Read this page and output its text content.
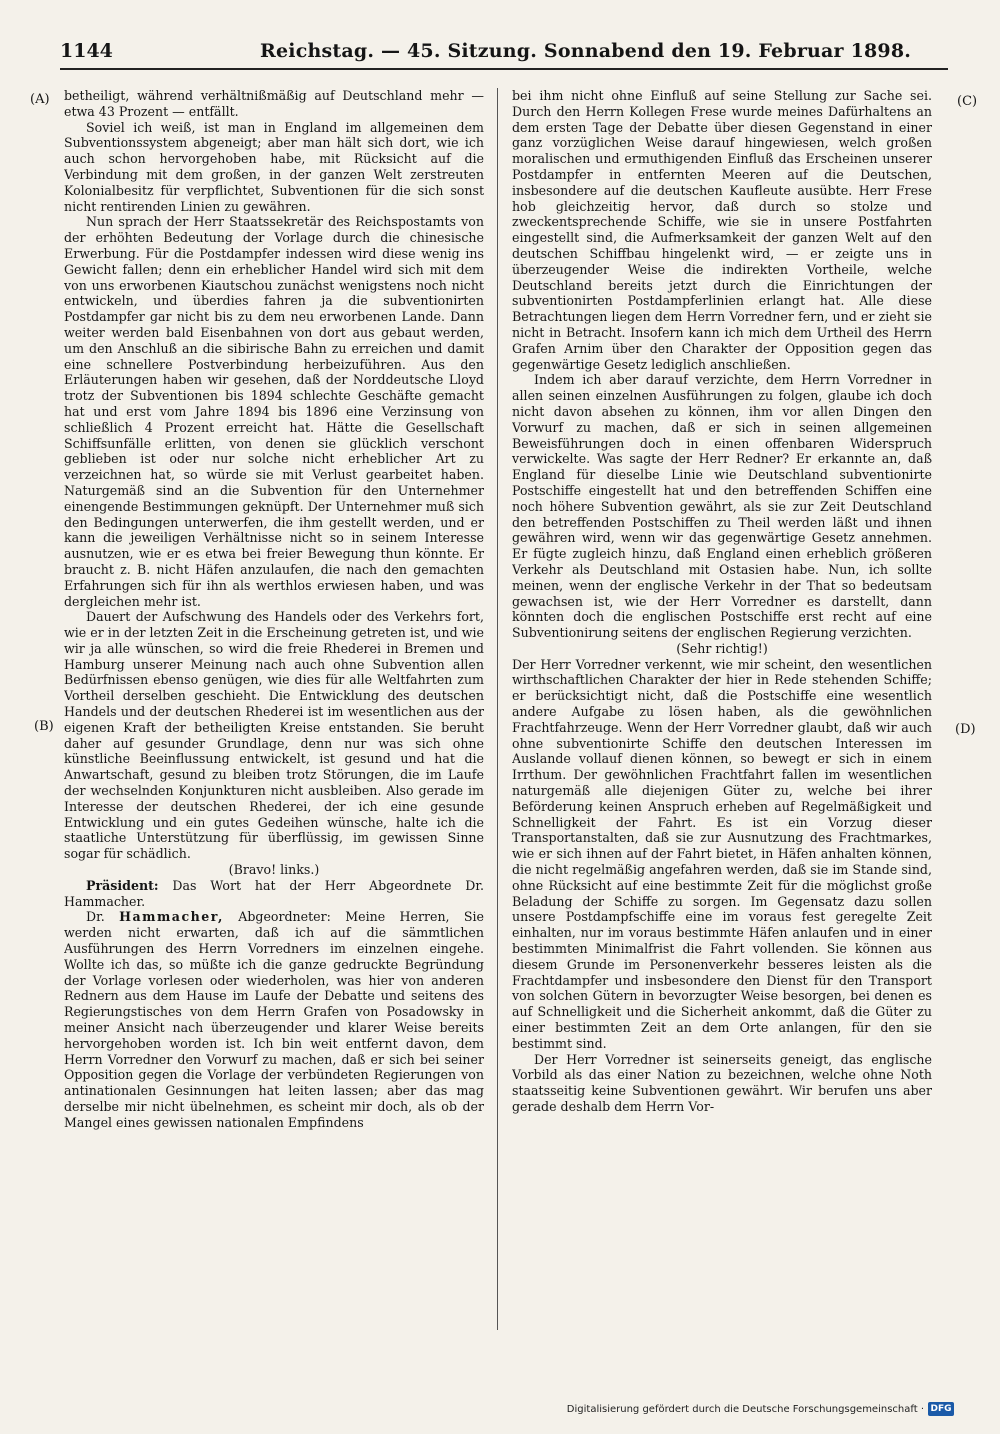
1144	Reichstag. — 45. Sitzung. Sonnabend den 19. Februar 1898.
(A)
(B)
(C)
(D)

betheiligt, während verhältnißmäßig auf Deutschland mehr — etwa 43 Prozent — entfällt.

Soviel ich weiß, ist man in England im allgemeinen dem Subventionssystem abgeneigt; aber man hält sich dort, wie ich auch schon hervorgehoben habe, mit Rücksicht auf die Verbindung mit dem großen, in der ganzen Welt zerstreuten Kolonialbesitz für verpflichtet, Subventionen für die sich sonst nicht rentirenden Linien zu gewähren.

Nun sprach der Herr Staatssekretär des Reichspostamts von der erhöhten Bedeutung der Vorlage durch die chinesische Erwerbung. Für die Postdampfer indessen wird diese wenig ins Gewicht fallen; denn ein erheblicher Handel wird sich mit dem von uns erworbenen Kiautschou zunächst wenigstens noch nicht entwickeln, und überdies fahren ja die subventionirten Postdampfer gar nicht bis zu dem neu erworbenen Lande. Dann weiter werden bald Eisenbahnen von dort aus gebaut werden, um den Anschluß an die sibirische Bahn zu erreichen und damit eine schnellere Postverbindung herbeizuführen. Aus den Erläuterungen haben wir gesehen, daß der Norddeutsche Lloyd trotz der Subventionen bis 1894 schlechte Geschäfte gemacht hat und erst vom Jahre 1894 bis 1896 eine Verzinsung von schließlich 4 Prozent erreicht hat. Hätte die Gesellschaft Schiffsunfälle erlitten, von denen sie glücklich verschont geblieben ist oder nur solche nicht erheblicher Art zu verzeichnen hat, so würde sie mit Verlust gearbeitet haben. Naturgemäß sind an die Subvention für den Unternehmer einengende Bestimmungen geknüpft. Der Unternehmer muß sich den Bedingungen unterwerfen, die ihm gestellt werden, und er kann die jeweiligen Verhältnisse nicht so in seinem Interesse ausnutzen, wie er es etwa bei freier Bewegung thun könnte. Er braucht z. B. nicht Häfen anzulaufen, die nach den gemachten Erfahrungen sich für ihn als werthlos erwiesen haben, und was dergleichen mehr ist.

Dauert der Aufschwung des Handels oder des Verkehrs fort, wie er in der letzten Zeit in die Erscheinung getreten ist, und wie wir ja alle wünschen, so wird die freie Rhederei in Bremen und Hamburg unserer Meinung nach auch ohne Subvention allen Bedürfnissen ebenso genügen, wie dies für alle Weltfahrten zum Vortheil derselben geschieht. Die Entwicklung des deutschen Handels und der deutschen Rhederei ist im wesentlichen aus der eigenen Kraft der betheiligten Kreise entstanden. Sie beruht daher auf gesunder Grundlage, denn nur was sich ohne künstliche Beeinflussung entwickelt, ist gesund und hat die Anwartschaft, gesund zu bleiben trotz Störungen, die im Laufe der wechselnden Konjunkturen nicht ausbleiben. Also gerade im Interesse der deutschen Rhederei, der ich eine gesunde Entwicklung und ein gutes Gedeihen wünsche, halte ich die staatliche Unterstützung für überflüssig, im gewissen Sinne sogar für schädlich.

(Bravo! links.)

Präsident: Das Wort hat der Herr Abgeordnete Dr. Hammacher.

Dr. Hammacher, Abgeordneter: Meine Herren, Sie werden nicht erwarten, daß ich auf die sämmtlichen Ausführungen des Herrn Vorredners im einzelnen eingehe. Wollte ich das, so müßte ich die ganze gedruckte Begründung der Vorlage vorlesen oder wiederholen, was hier von anderen Rednern aus dem Hause im Laufe der Debatte und seitens des Regierungstisches von dem Herrn Grafen von Posadowsky in meiner Ansicht nach überzeugender und klarer Weise bereits hervorgehoben worden ist. Ich bin weit entfernt davon, dem Herrn Vorredner den Vorwurf zu machen, daß er sich bei seiner Opposition gegen die Vorlage der verbündeten Regierungen von antinationalen Gesinnungen hat leiten lassen; aber das mag derselbe mir nicht übelnehmen, es scheint mir doch, als ob der Mangel eines gewissen nationalen Empfindens

bei ihm nicht ohne Einfluß auf seine Stellung zur Sache sei. Durch den Herrn Kollegen Frese wurde meines Dafürhaltens an dem ersten Tage der Debatte über diesen Gegenstand in einer ganz vorzüglichen Weise darauf hingewiesen, welch großen moralischen und ermuthigenden Einfluß das Erscheinen unserer Postdampfer in entfernten Meeren auf die Deutschen, insbesondere auf die deutschen Kaufleute ausübte. Herr Frese hob gleichzeitig hervor, daß durch so stolze und zweckentsprechende Schiffe, wie sie in unsere Postfahrten eingestellt sind, die Aufmerksamkeit der ganzen Welt auf den deutschen Schiffbau hingelenkt wird, — er zeigte uns in überzeugender Weise die indirekten Vortheile, welche Deutschland bereits jetzt durch die Einrichtungen der subventionirten Postdampferlinien erlangt hat. Alle diese Betrachtungen liegen dem Herrn Vorredner fern, und er zieht sie nicht in Betracht. Insofern kann ich mich dem Urtheil des Herrn Grafen Arnim über den Charakter der Opposition gegen das gegenwärtige Gesetz lediglich anschließen.

Indem ich aber darauf verzichte, dem Herrn Vorredner in allen seinen einzelnen Ausführungen zu folgen, glaube ich doch nicht davon absehen zu können, ihm vor allen Dingen den Vorwurf zu machen, daß er sich in seinen allgemeinen Beweisführungen doch in einen offenbaren Widerspruch verwickelte. Was sagte der Herr Redner? Er erkannte an, daß England für dieselbe Linie wie Deutschland subventionirte Postschiffe eingestellt hat und den betreffenden Schiffen eine noch höhere Subvention gewährt, als sie zur Zeit Deutschland den betreffenden Postschiffen zu Theil werden läßt und ihnen gewähren wird, wenn wir das gegenwärtige Gesetz annehmen. Er fügte zugleich hinzu, daß England einen erheblich größeren Verkehr als Deutschland mit Ostasien habe. Nun, ich sollte meinen, wenn der englische Verkehr in der That so bedeutsam gewachsen ist, wie der Herr Vorredner es darstellt, dann könnten doch die englischen Postschiffe erst recht auf eine Subventionirung seitens der englischen Regierung verzichten.

(Sehr richtig!)

Der Herr Vorredner verkennt, wie mir scheint, den wesentlichen wirthschaftlichen Charakter der hier in Rede stehenden Schiffe; er berücksichtigt nicht, daß die Postschiffe eine wesentlich andere Aufgabe zu lösen haben, als die gewöhnlichen Frachtfahrzeuge. Wenn der Herr Vorredner glaubt, daß wir auch ohne subventionirte Schiffe den deutschen Interessen im Auslande vollauf dienen können, so bewegt er sich in einem Irrthum. Der gewöhnlichen Frachtfahrt fallen im wesentlichen naturgemäß alle diejenigen Güter zu, welche bei ihrer Beförderung keinen Anspruch erheben auf Regelmäßigkeit und Schnelligkeit der Fahrt. Es ist ein Vorzug dieser Transportanstalten, daß sie zur Ausnutzung des Frachtmarkes, wie er sich ihnen auf der Fahrt bietet, in Häfen anhalten können, die nicht regelmäßig angefahren werden, daß sie im Stande sind, ohne Rücksicht auf eine bestimmte Zeit für die möglichst große Beladung der Schiffe zu sorgen. Im Gegensatz dazu sollen unsere Postdampfschiffe eine im voraus fest geregelte Zeit einhalten, nur im voraus bestimmte Häfen anlaufen und in einer bestimmten Minimalfrist die Fahrt vollenden. Sie können aus diesem Grunde im Personenverkehr besseres leisten als die Frachtdampfer und insbesondere den Dienst für den Transport von solchen Gütern in bevorzugter Weise besorgen, bei denen es auf Schnelligkeit und die Sicherheit ankommt, daß die Güter zu einer bestimmten Zeit an dem Orte anlangen, für den sie bestimmt sind.

Der Herr Vorredner ist seinerseits geneigt, das englische Vorbild als das einer Nation zu bezeichnen, welche ohne Noth staatsseitig keine Subventionen gewährt. Wir berufen uns aber gerade deshalb dem Herrn Vor-

Digitalisierung gefördert durch die Deutsche Forschungsgemeinschaft · DFG
